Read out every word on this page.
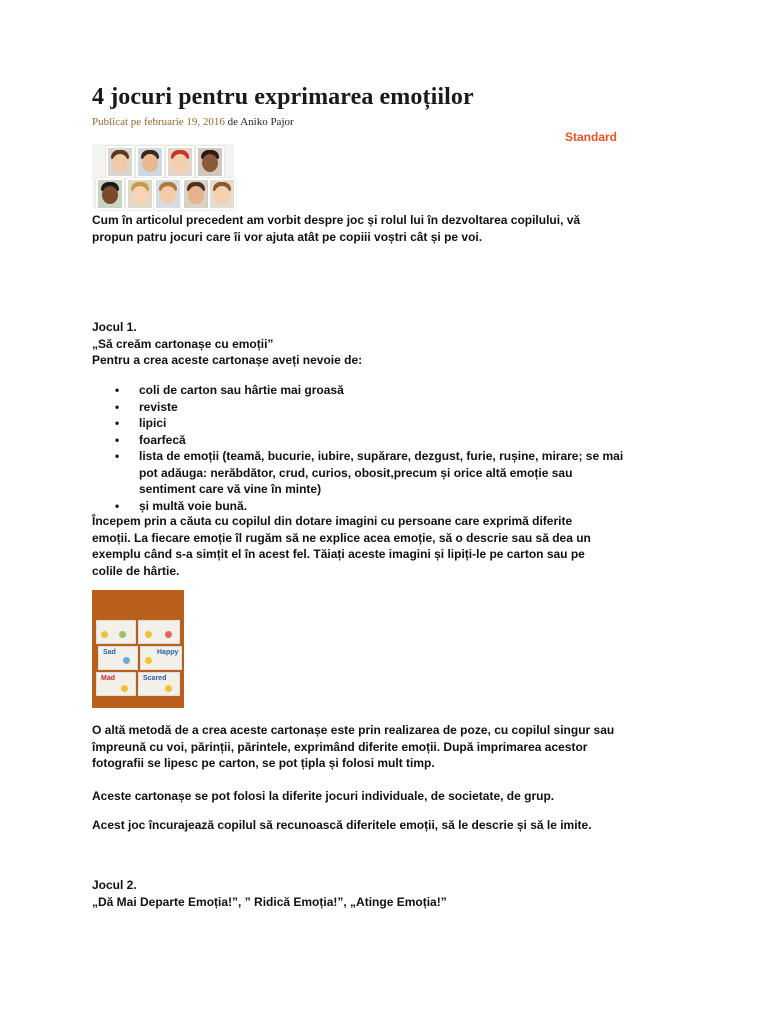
4 jocuri pentru exprimarea emoțiilor
Publicat pe februarie 19, 2016 de Aniko Pajor
Standard
Cum în articolul precedent am vorbit despre joc și rolul lui în dezvoltarea copilului, vă
propun patru jocuri care îi vor ajuta atât pe copiii voștri cât și pe voi.
Jocul 1.
„Să creăm cartonașe cu emoții”
Pentru a crea aceste cartonașe aveți nevoie de:
• coli de carton sau hârtie mai groasă
• reviste
• lipici
• foarfecă
• lista de emoții (teamă, bucurie, iubire, supărare, dezgust, furie, rușine, mirare; se mai
pot adăuga: nerăbdător, crud, curios, obosit,precum și orice altă emoție sau
sentiment care vă vine în minte)
• și multă voie bună.
Începem prin a căuta cu copilul din dotare imagini cu persoane care exprimă diferite
emoții. La fiecare emoție îl rugăm să ne explice acea emoție, să o descrie sau să dea un
exemplu când s-a simțit el în acest fel. Tăiați aceste imagini și lipiți-le pe carton sau pe
colile de hârtie.
Sad	Happy
Mad	Scared
O altă metodă de a crea aceste cartonașe este prin realizarea de poze, cu copilul singur sau
împreună cu voi, părinții, părintele, exprimând diferite emoții. După imprimarea acestor
fotografii se lipesc pe carton, se pot țipla și folosi mult timp.
Aceste cartonașe se pot folosi la diferite jocuri individuale, de societate, de grup.
Acest joc încurajează copilul să recunoască diferitele emoții, să le descrie și să le imite.
Jocul 2.
„Dă Mai Departe Emoția!”, ” Ridică Emoția!”, „Atinge Emoția!”
